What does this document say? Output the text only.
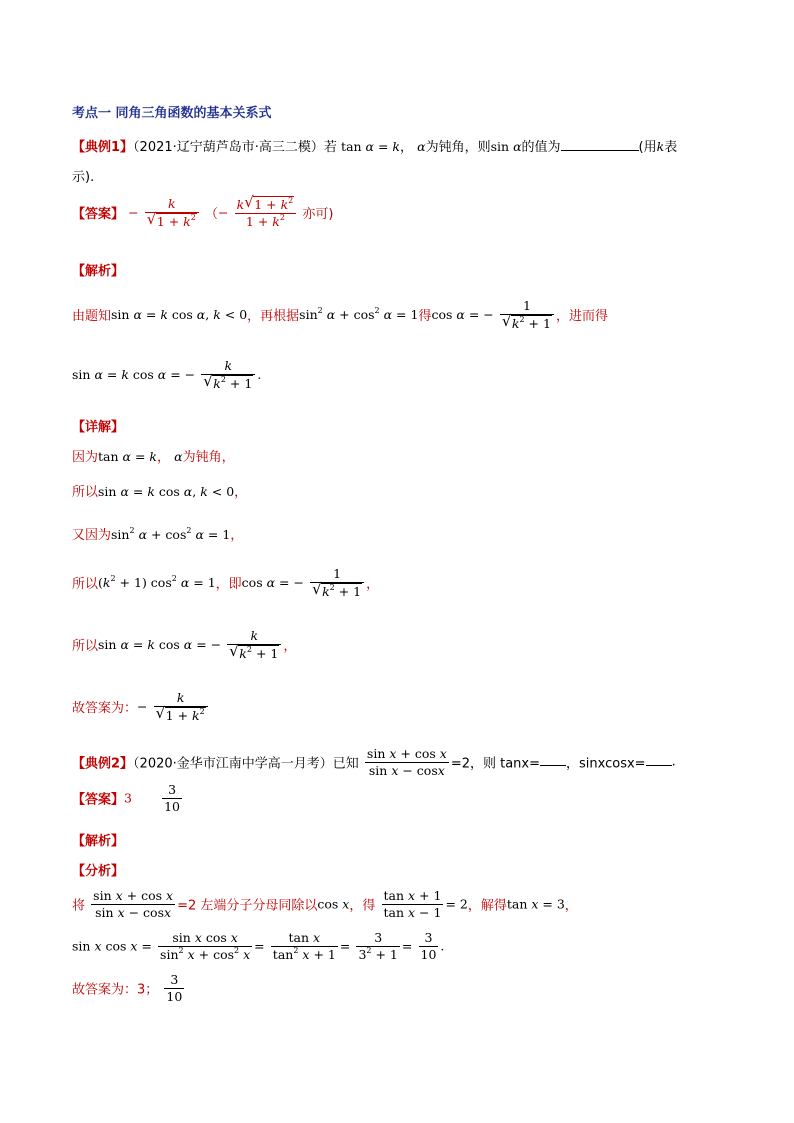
考点一 同角三角函数的基本关系式
【典例1】（2021·辽宁葫芦岛市·高三二模）若 tan α = k， α为钝角，则sin α的值为	(用k表
示).
【答案】 − $\frac{k}{√ 1 + k^2}$ （− $\frac{k √ 1 + k^2}{1 + k^2}$ 亦可)
【解析】
由题知sin α = k cos α, k < 0，再根据$\sin^2 \alpha + \cos^2 \alpha = 1$得cos α = − $\frac{1}{√ k^2 + 1}$ ，进而得
sin α = k cos α = − $\frac{k}{√ k^2 + 1}$ .
【详解】
因为tan α = k， α为钝角，
所以sin α = k cos α, k < 0，
又因为$\sin^2 \alpha + \cos^2 \alpha = 1$，
所以$(k^2 + 1)$ $\cos^2 \alpha = 1$，即cos α = − $\frac{1}{√ k^2 + 1}$ ，
所以sin α = k cos α = − $\frac{k}{√ k^2 + 1}$ ，
故答案为：− $\frac{k}{√ 1 + k^2}$
【典例2】（2020·金华市江南中学高一月考）已知 $\frac{\text{sin x + cos x}}{\text{sin x − cosx}} =2$，则 tanx= ，sinxcosx= .
【答案】$3 \frac{3}{10}$
【解析】
【分析】
将 $\frac{\text{sin x + cos x}}{\text{sin x − cosx}} =2$ 左端分子分母同除以cos x，得 $\frac{\text{tan x + 1}}{\text{tan x − 1}} = 2$，解得tan x = 3，
sin x $\cos x = \frac{\text{sin x cos x}}{\sin^2 x + \cos^2 x} = \frac{\text{tan x}}{\tan^2 x + 1} = \frac{3}{3^2 + 1} = \frac{3}{10}$ .
故答案为：3； $\frac{3}{10}$
